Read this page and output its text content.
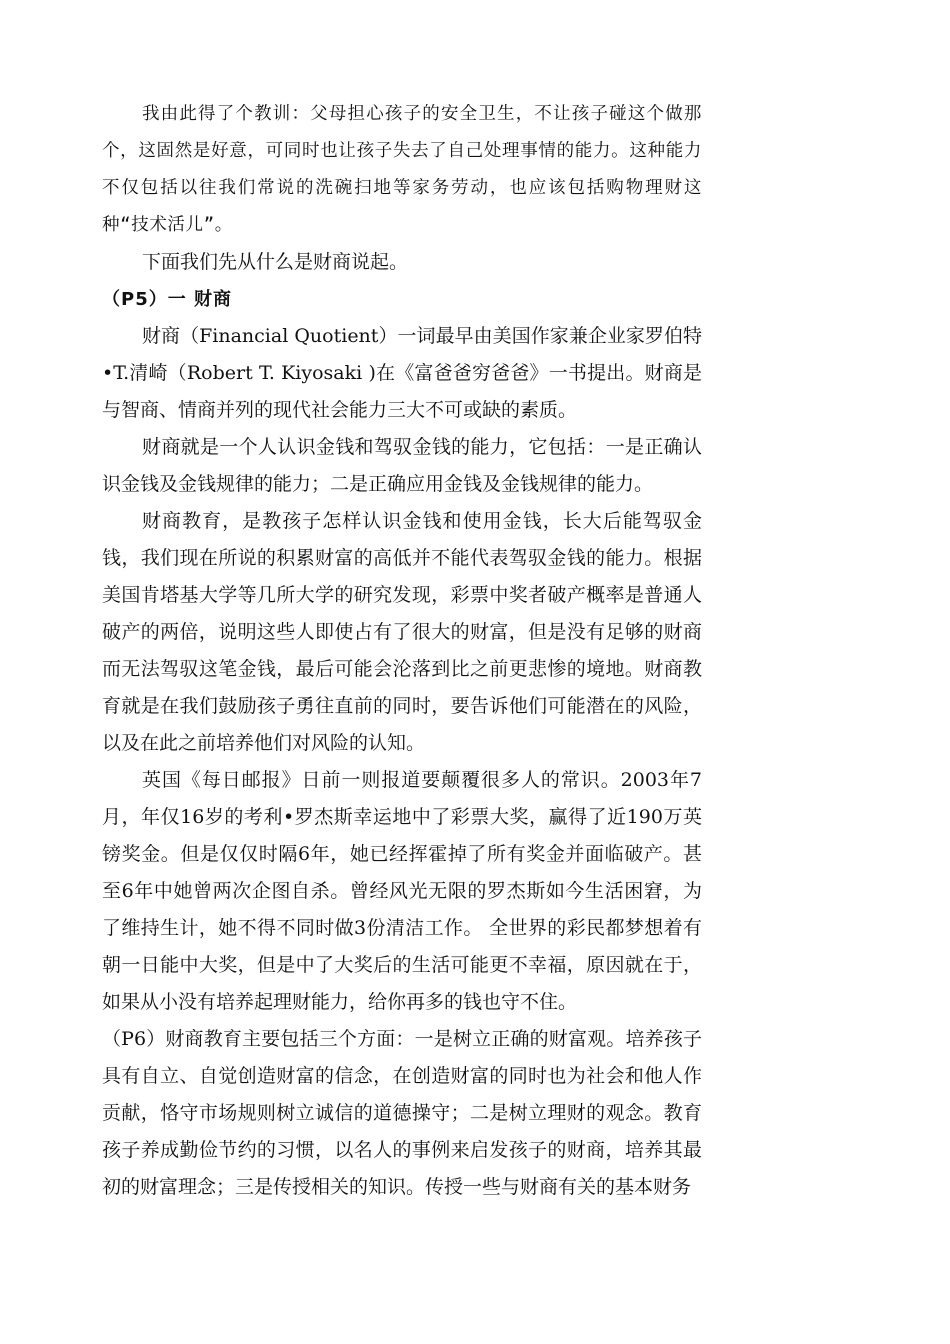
我由此得了个教训：父母担心孩子的安全卫生，不让孩子碰这个做那个，这固然是好意，可同时也让孩子失去了自己处理事情的能力。这种能力不仅包括以往我们常说的洗碗扫地等家务劳动，也应该包括购物理财这种“技术活儿”。

下面我们先从什么是财商说起。

（P5）一 财商

财商（Financial Quotient）一词最早由美国作家兼企业家罗伯特•T.清崎（Robert T. Kiyosaki )在《富爸爸穷爸爸》一书提出。财商是与智商、情商并列的现代社会能力三大不可或缺的素质。

财商就是一个人认识金钱和驾驭金钱的能力，它包括：一是正确认识金钱及金钱规律的能力；二是正确应用金钱及金钱规律的能力。

财商教育，是教孩子怎样认识金钱和使用金钱，长大后能驾驭金钱，我们现在所说的积累财富的高低并不能代表驾驭金钱的能力。根据美国肯塔基大学等几所大学的研究发现，彩票中奖者破产概率是普通人破产的两倍，说明这些人即使占有了很大的财富，但是没有足够的财商而无法驾驭这笔金钱，最后可能会沦落到比之前更悲惨的境地。财商教育就是在我们鼓励孩子勇往直前的同时，要告诉他们可能潜在的风险，以及在此之前培养他们对风险的认知。

英国《每日邮报》日前一则报道要颠覆很多人的常识。2003年7月，年仅16岁的考利•罗杰斯幸运地中了彩票大奖，赢得了近190万英镑奖金。但是仅仅时隔6年，她已经挥霍掉了所有奖金并面临破产。甚至6年中她曾两次企图自杀。曾经风光无限的罗杰斯如今生活困窘，为了维持生计，她不得不同时做3份清洁工作。 全世界的彩民都梦想着有朝一日能中大奖，但是中了大奖后的生活可能更不幸福，原因就在于，如果从小没有培养起理财能力，给你再多的钱也守不住。

（P6）财商教育主要包括三个方面：一是树立正确的财富观。培养孩子具有自立、自觉创造财富的信念，在创造财富的同时也为社会和他人作贡献，恪守市场规则树立诚信的道德操守；二是树立理财的观念。教育孩子养成勤俭节约的习惯，以名人的事例来启发孩子的财商，培养其最初的财富理念；三是传授相关的知识。传授一些与财商有关的基本财务
